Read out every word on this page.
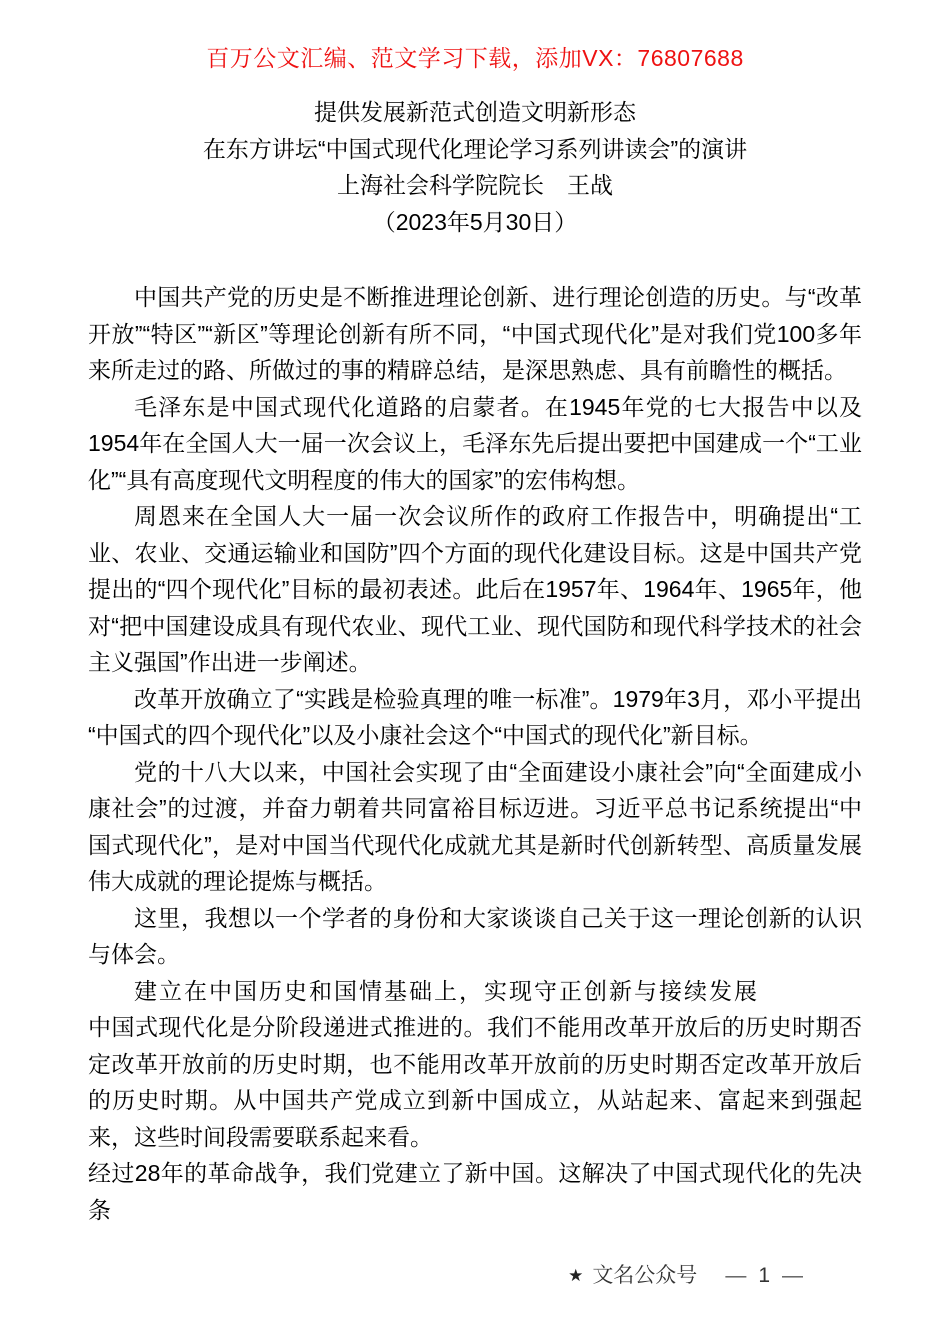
百万公文汇编、范文学习下载，添加VX：76807688
提供发展新范式创造文明新形态
在东方讲坛“中国式现代化理论学习系列讲读会”的演讲
上海社会科学院院长　王战
（2023年5月30日）

中国共产党的历史是不断推进理论创新、进行理论创造的历史。与“改革开放”“特区”“新区”等理论创新有所不同，“中国式现代化”是对我们党100多年来所走过的路、所做过的事的精辟总结，是深思熟虑、具有前瞻性的概括。

毛泽东是中国式现代化道路的启蒙者。在1945年党的七大报告中以及1954年在全国人大一届一次会议上，毛泽东先后提出要把中国建成一个“工业化”“具有高度现代文明程度的伟大的国家”的宏伟构想。

周恩来在全国人大一届一次会议所作的政府工作报告中，明确提出“工业、农业、交通运输业和国防”四个方面的现代化建设目标。这是中国共产党提出的“四个现代化”目标的最初表述。此后在1957年、1964年、1965年，他对“把中国建设成具有现代农业、现代工业、现代国防和现代科学技术的社会主义强国”作出进一步阐述。

改革开放确立了“实践是检验真理的唯一标准”。1979年3月，邓小平提出“中国式的四个现代化”以及小康社会这个“中国式的现代化”新目标。

党的十八大以来，中国社会实现了由“全面建设小康社会”向“全面建成小康社会”的过渡，并奋力朝着共同富裕目标迈进。习近平总书记系统提出“中国式现代化”，是对中国当代现代化成就尤其是新时代创新转型、高质量发展伟大成就的理论提炼与概括。

这里，我想以一个学者的身份和大家谈谈自己关于这一理论创新的认识与体会。

建立在中国历史和国情基础上，实现守正创新与接续发展

中国式现代化是分阶段递进式推进的。我们不能用改革开放后的历史时期否定改革开放前的历史时期，也不能用改革开放前的历史时期否定改革开放后的历史时期。从中国共产党成立到新中国成立，从站起来、富起来到强起来，这些时间段需要联系起来看。

经过28年的革命战争，我们党建立了新中国。这解决了中国式现代化的先决条

★ 文名公众号 — 1 —
